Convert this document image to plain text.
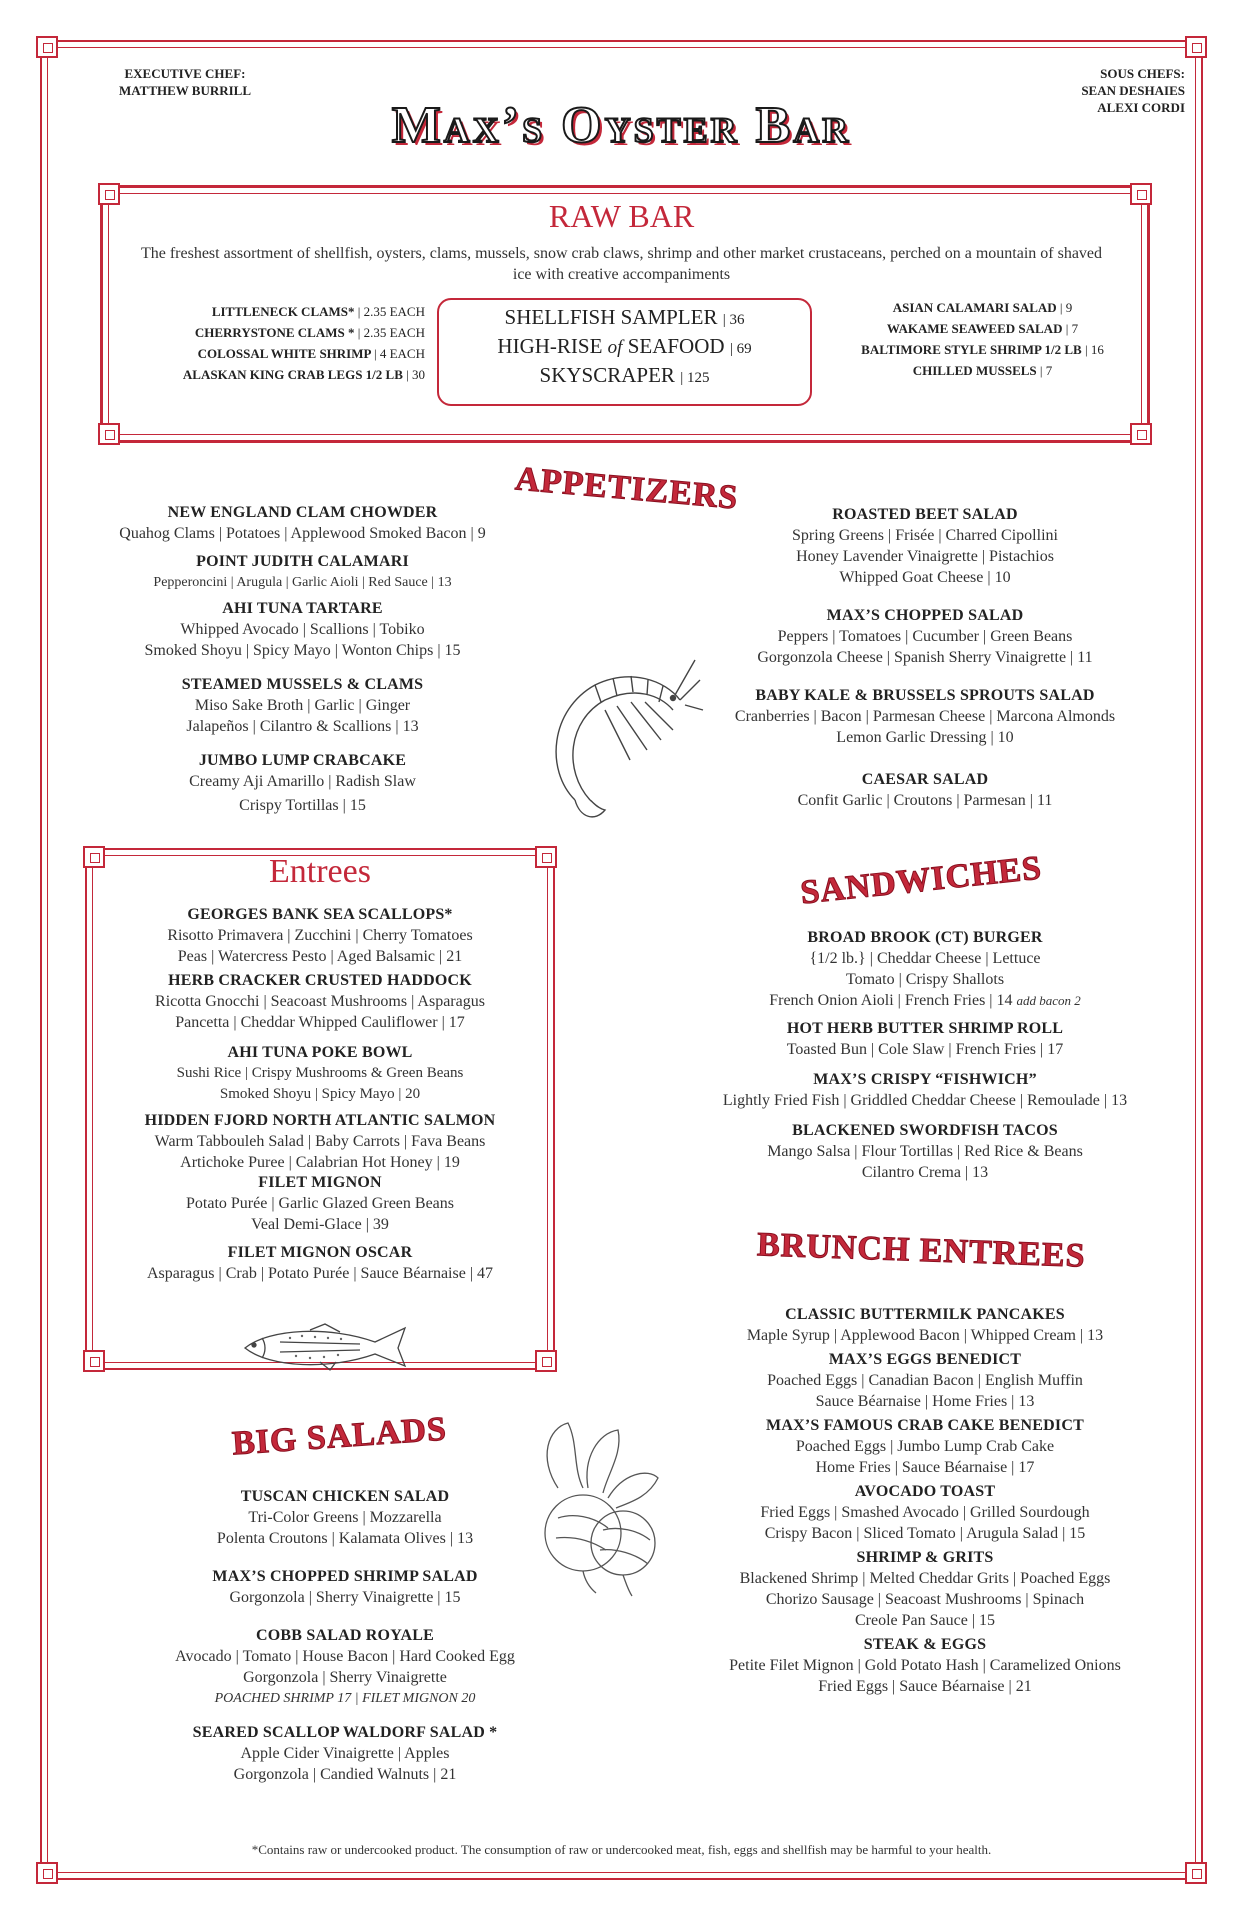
EXECUTIVE CHEF:
MATTHEW BURRILL
SOUS CHEFS:
SEAN DESHAIES
ALEXI CORDI
Max’s Oyster Bar
RAW BAR
The freshest assortment of shellfish, oysters, clams, mussels, snow crab claws, shrimp and other market crustaceans, perched on a mountain of shaved ice with creative accompaniments
LITTLENECK CLAMS* | 2.35 EACH
CHERRYSTONE CLAMS * | 2.35 EACH
COLOSSAL WHITE SHRIMP | 4 EACH
ALASKAN KING CRAB LEGS 1/2 LB | 30
SHELLFISH SAMPLER | 36
HIGH-RISE of SEAFOOD | 69
SKYSCRAPER | 125
ASIAN CALAMARI SALAD | 9
WAKAME SEAWEED SALAD | 7
BALTIMORE STYLE SHRIMP 1/2 LB | 16
CHILLED MUSSELS | 7
APPETIZERS
NEW ENGLAND CLAM CHOWDER
Quahog Clams | Potatoes | Applewood Smoked Bacon | 9
POINT JUDITH CALAMARI
Pepperoncini | Arugula | Garlic Aioli | Red Sauce | 13
AHI TUNA TARTARE
Whipped Avocado | Scallions | Tobiko
Smoked Shoyu | Spicy Mayo | Wonton Chips | 15
STEAMED MUSSELS & CLAMS
Miso Sake Broth | Garlic | Ginger
Jalapeños | Cilantro & Scallions | 13
JUMBO LUMP CRABCAKE
Creamy Aji Amarillo | Radish Slaw
Crispy Tortillas | 15
ROASTED BEET SALAD
Spring Greens | Frisée | Charred Cipollini
Honey Lavender Vinaigrette | Pistachios
Whipped Goat Cheese | 10
MAX’S CHOPPED SALAD
Peppers | Tomatoes | Cucumber | Green Beans
Gorgonzola Cheese | Spanish Sherry Vinaigrette | 11
BABY KALE & BRUSSELS SPROUTS SALAD
Cranberries | Bacon | Parmesan Cheese | Marcona Almonds
Lemon Garlic Dressing | 10
CAESAR SALAD
Confit Garlic | Croutons | Parmesan | 11
Entrees
GEORGES BANK SEA SCALLOPS*
Risotto Primavera | Zucchini | Cherry Tomatoes
Peas | Watercress Pesto | Aged Balsamic | 21
HERB CRACKER CRUSTED HADDOCK
Ricotta Gnocchi | Seacoast Mushrooms | Asparagus
Pancetta | Cheddar Whipped Cauliflower | 17
AHI TUNA POKE BOWL
Sushi Rice | Crispy Mushrooms & Green Beans
Smoked Shoyu | Spicy Mayo | 20
HIDDEN FJORD NORTH ATLANTIC SALMON
Warm Tabbouleh Salad | Baby Carrots | Fava Beans
Artichoke Puree | Calabrian Hot Honey | 19
FILET MIGNON
Potato Purée | Garlic Glazed Green Beans
Veal Demi-Glace | 39
FILET MIGNON OSCAR
Asparagus | Crab | Potato Purée | Sauce Béarnaise | 47
SANDWICHES
BROAD BROOK (CT) BURGER
{1/2 lb.} | Cheddar Cheese | Lettuce
Tomato | Crispy Shallots
French Onion Aioli | French Fries | 14 add bacon 2
HOT HERB BUTTER SHRIMP ROLL
Toasted Bun | Cole Slaw | French Fries | 17
MAX’S CRISPY “FISHWICH”
Lightly Fried Fish | Griddled Cheddar Cheese | Remoulade | 13
BLACKENED SWORDFISH TACOS
Mango Salsa | Flour Tortillas | Red Rice & Beans
Cilantro Crema | 13
BRUNCH ENTREES
CLASSIC BUTTERMILK PANCAKES
Maple Syrup | Applewood Bacon | Whipped Cream | 13
MAX’S EGGS BENEDICT
Poached Eggs | Canadian Bacon | English Muffin
Sauce Béarnaise | Home Fries | 13
MAX’S FAMOUS CRAB CAKE BENEDICT
Poached Eggs | Jumbo Lump Crab Cake
Home Fries | Sauce Béarnaise | 17
AVOCADO TOAST
Fried Eggs | Smashed Avocado | Grilled Sourdough
Crispy Bacon | Sliced Tomato | Arugula Salad | 15
SHRIMP & GRITS
Blackened Shrimp | Melted Cheddar Grits | Poached Eggs
Chorizo Sausage | Seacoast Mushrooms | Spinach
Creole Pan Sauce | 15
STEAK & EGGS
Petite Filet Mignon | Gold Potato Hash | Caramelized Onions
Fried Eggs | Sauce Béarnaise | 21
BIG SALADS
TUSCAN CHICKEN SALAD
Tri-Color Greens | Mozzarella
Polenta Croutons | Kalamata Olives | 13
MAX’S CHOPPED SHRIMP SALAD
Gorgonzola | Sherry Vinaigrette | 15
COBB SALAD ROYALE
Avocado | Tomato | House Bacon | Hard Cooked Egg
Gorgonzola | Sherry Vinaigrette
POACHED SHRIMP 17 | FILET MIGNON 20
SEARED SCALLOP WALDORF SALAD *
Apple Cider Vinaigrette | Apples
Gorgonzola | Candied Walnuts | 21
*Contains raw or undercooked product. The consumption of raw or undercooked meat, fish, eggs and shellfish may be harmful to your health.
